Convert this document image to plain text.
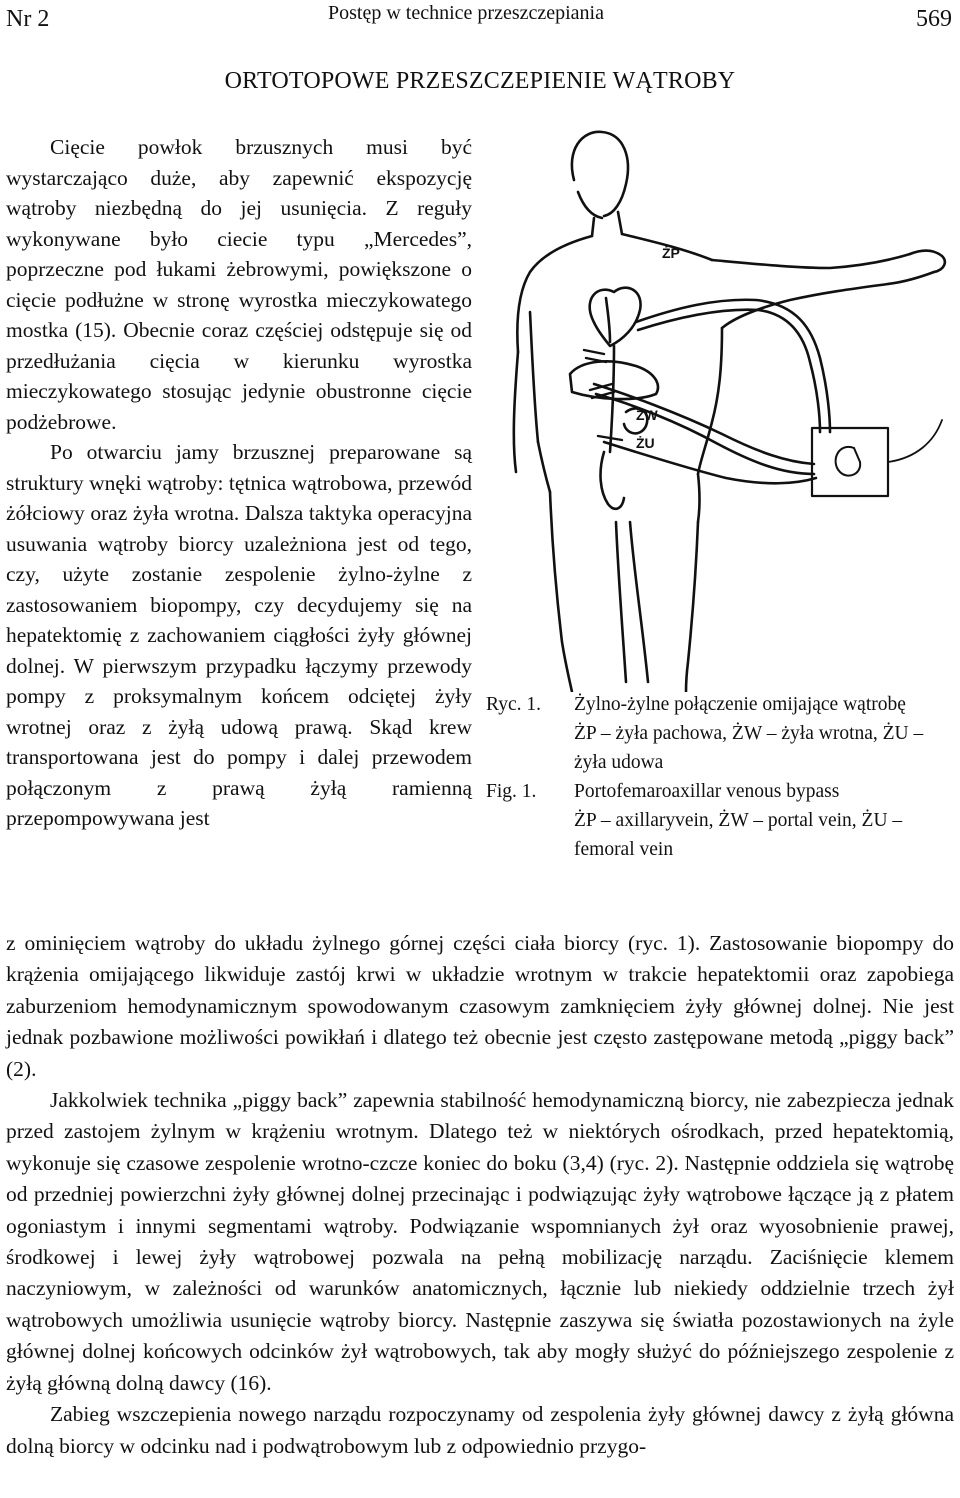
Nr 2	Postęp w technice przeszczepiania	569
ORTOTOPOWE PRZESZCZEPIENIE WĄTROBY

Cięcie powłok brzusznych musi być wystarczająco duże, aby zapewnić ekspozycję wątroby niezbędną do jej usunięcia. Z reguły wykonywane było ciecie typu „Mercedes”, poprzeczne pod łukami żebrowymi, powiększone o cięcie podłużne w stronę wyrostka mieczykowatego mostka (15). Obecnie coraz częściej odstępuje się od przedłużania cięcia w kierunku wyrostka mieczykowatego stosując jedynie obustronne cięcie podżebrowe.

Po otwarciu jamy brzusznej preparowane są struktury wnęki wątroby: tętnica wątrobowa, przewód żółciowy oraz żyła wrotna. Dalsza taktyka operacyjna usuwania wątroby biorcy uzależniona jest od tego, czy, użyte zostanie zespolenie żylno-żylne z zastosowaniem biopompy, czy decydujemy się na hepatektomię z zachowaniem ciągłości żyły głównej dolnej. W pierwszym przypadku łączymy przewody pompy z proksymalnym końcem odciętej żyły wrotnej oraz z żyłą udową prawą. Skąd krew transportowana jest do pompy i dalej przewodem połączonym z prawą żyłą ramienną przepompowywana jest

ŻP
ŻW
ŻU
Ryc. 1.	Żylno-żylne połączenie omijające wątrobę
ŻP – żyła pachowa, ŻW – żyła wrotna, ŻU – żyła udowa
Fig. 1.	Portofemaroaxillar venous bypass
ŻP – axillaryvein, ŻW – portal vein, ŻU – femoral vein

z ominięciem wątroby do układu żylnego górnej części ciała biorcy (ryc. 1). Zastosowanie biopompy do krążenia omijającego likwiduje zastój krwi w układzie wrotnym w trakcie hepatektomii oraz zapobiega zaburzeniom hemodynamicznym spowodowanym czasowym zamknięciem żyły głównej dolnej. Nie jest jednak pozbawione możliwości powikłań i dlatego też obecnie jest często zastępowane metodą „piggy back” (2).

Jakkolwiek technika „piggy back” zapewnia stabilność hemodynamiczną biorcy, nie zabezpiecza jednak przed zastojem żylnym w krążeniu wrotnym. Dlatego też w niektórych ośrodkach, przed hepatektomią, wykonuje się czasowe zespolenie wrotno-czcze koniec do boku (3,4) (ryc. 2). Następnie oddziela się wątrobę od przedniej powierzchni żyły głównej dolnej przecinając i podwiązując żyły wątrobowe łączące ją z płatem ogoniastym i innymi segmentami wątroby. Podwiązanie wspomnianych żył oraz wyosobnienie prawej, środkowej i lewej żyły wątrobowej pozwala na pełną mobilizację narządu. Zaciśnięcie klemem naczyniowym, w zależności od warunków anatomicznych, łącznie lub niekiedy oddzielnie trzech żył wątrobowych umożliwia usunięcie wątroby biorcy. Następnie zaszywa się światła pozostawionych na żyle głównej dolnej końcowych odcinków żył wątrobowych, tak aby mogły służyć do późniejszego zespolenie z żyłą główną dolną dawcy (16).

Zabieg wszczepienia nowego narządu rozpoczynamy od zespolenia żyły głównej dawcy z żyłą główna dolną biorcy w odcinku nad i podwątrobowym lub z odpowiednio przygo-
